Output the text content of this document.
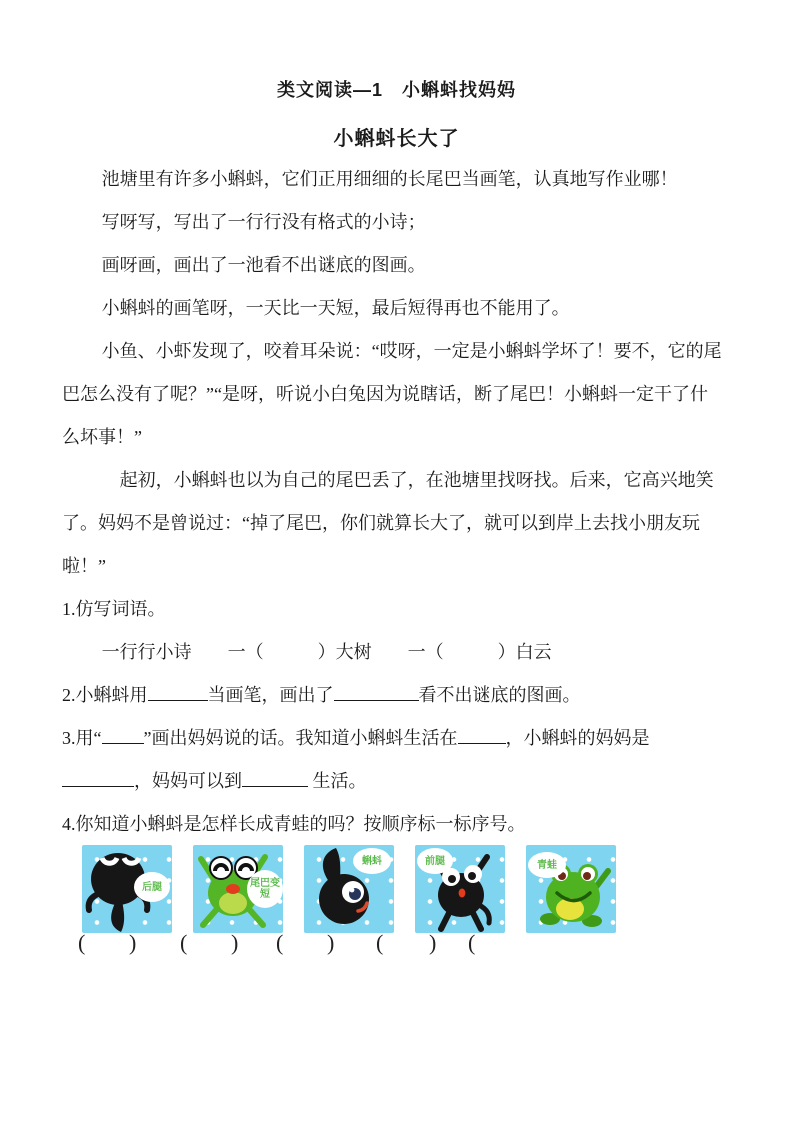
类文阅读—1　小蝌蚪找妈妈
小蝌蚪长大了

池塘里有许多小蝌蚪，它们正用细细的长尾巴当画笔，认真地写作业哪！

写呀写，写出了一行行没有格式的小诗；

画呀画，画出了一池看不出谜底的图画。

小蝌蚪的画笔呀，一天比一天短，最后短得再也不能用了。

小鱼、小虾发现了，咬着耳朵说：“哎呀，一定是小蝌蚪学坏了！要不，它的尾巴怎么没有了呢？”“是呀，听说小白兔因为说瞎话，断了尾巴！小蝌蚪一定干了什么坏事！”

起初，小蝌蚪也以为自己的尾巴丢了，在池塘里找呀找。后来，它高兴地笑了。妈妈不是曾说过：“掉了尾巴，你们就算长大了，就可以到岸上去找小朋友玩啦！”

1.仿写词语。

一行行小诗　　一（　　　）大树　　一（　　　）白云

2.小蝌蚪用	当画笔，画出了	看不出谜底的图画。

3.用“ ”画出妈妈说的话。我知道小蝌蚪生活在	，小蝌蚪的妈妈是 ，妈妈可以到	生活。

4.你知道小蝌蚪是怎样长成青蛙的吗？按顺序标一标序号。

后腿	尾巴变短
蝌蚪	前腿	青蛙
( ) ( ) ( ) ( ) (
